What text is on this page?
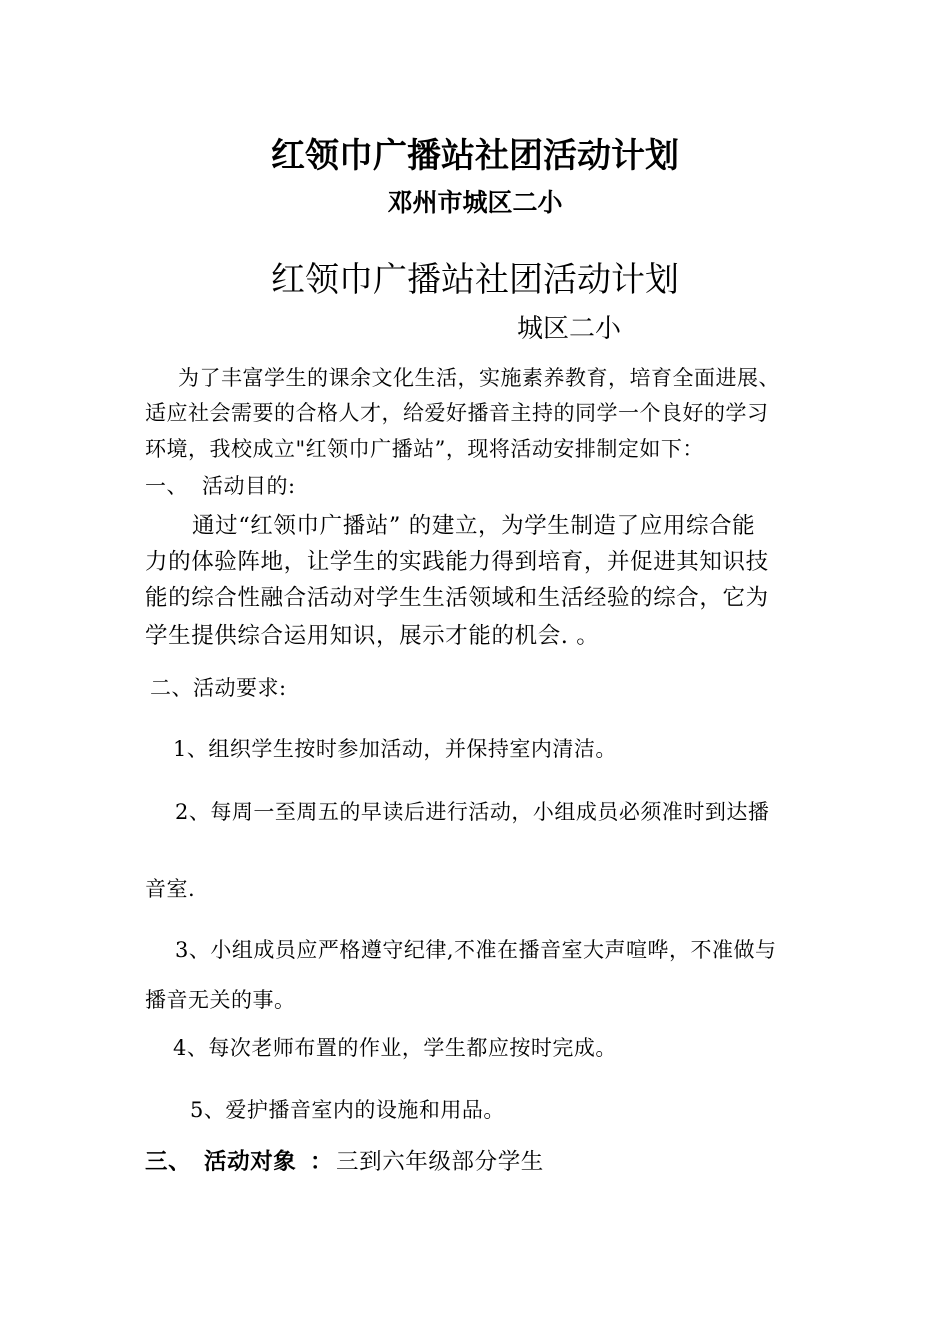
红领巾广播站社团活动计划
邓州市城区二小
红领巾广播站社团活动计划
城区二小
为了丰富学生的课余文化生活，实施素养教育，培育全面进展、
适应社会需要的合格人才，给爱好播音主持的同学一个良好的学习
环境，我校成立"红领巾广播站”，现将活动安排制定如下：
一、 活动目的:
通过“红领巾广播站” 的建立，为学生制造了应用综合能
力的体验阵地，让学生的实践能力得到培育，并促进其知识技
能的综合性融合活动对学生生活领域和生活经验的综合，它为
学生提供综合运用知识，展示才能的机会. 。
二、活动要求:
1、组织学生按时参加活动，并保持室内清洁。
2、每周一至周五的早读后进行活动，小组成员必须准时到达播
音室.
3、小组成员应严格遵守纪律,不准在播音室大声喧哗，不准做与
播音无关的事。
4、每次老师布置的作业，学生都应按时完成。
5、爱护播音室内的设施和用品。
三、 活动对象 ： 三到六年级部分学生
